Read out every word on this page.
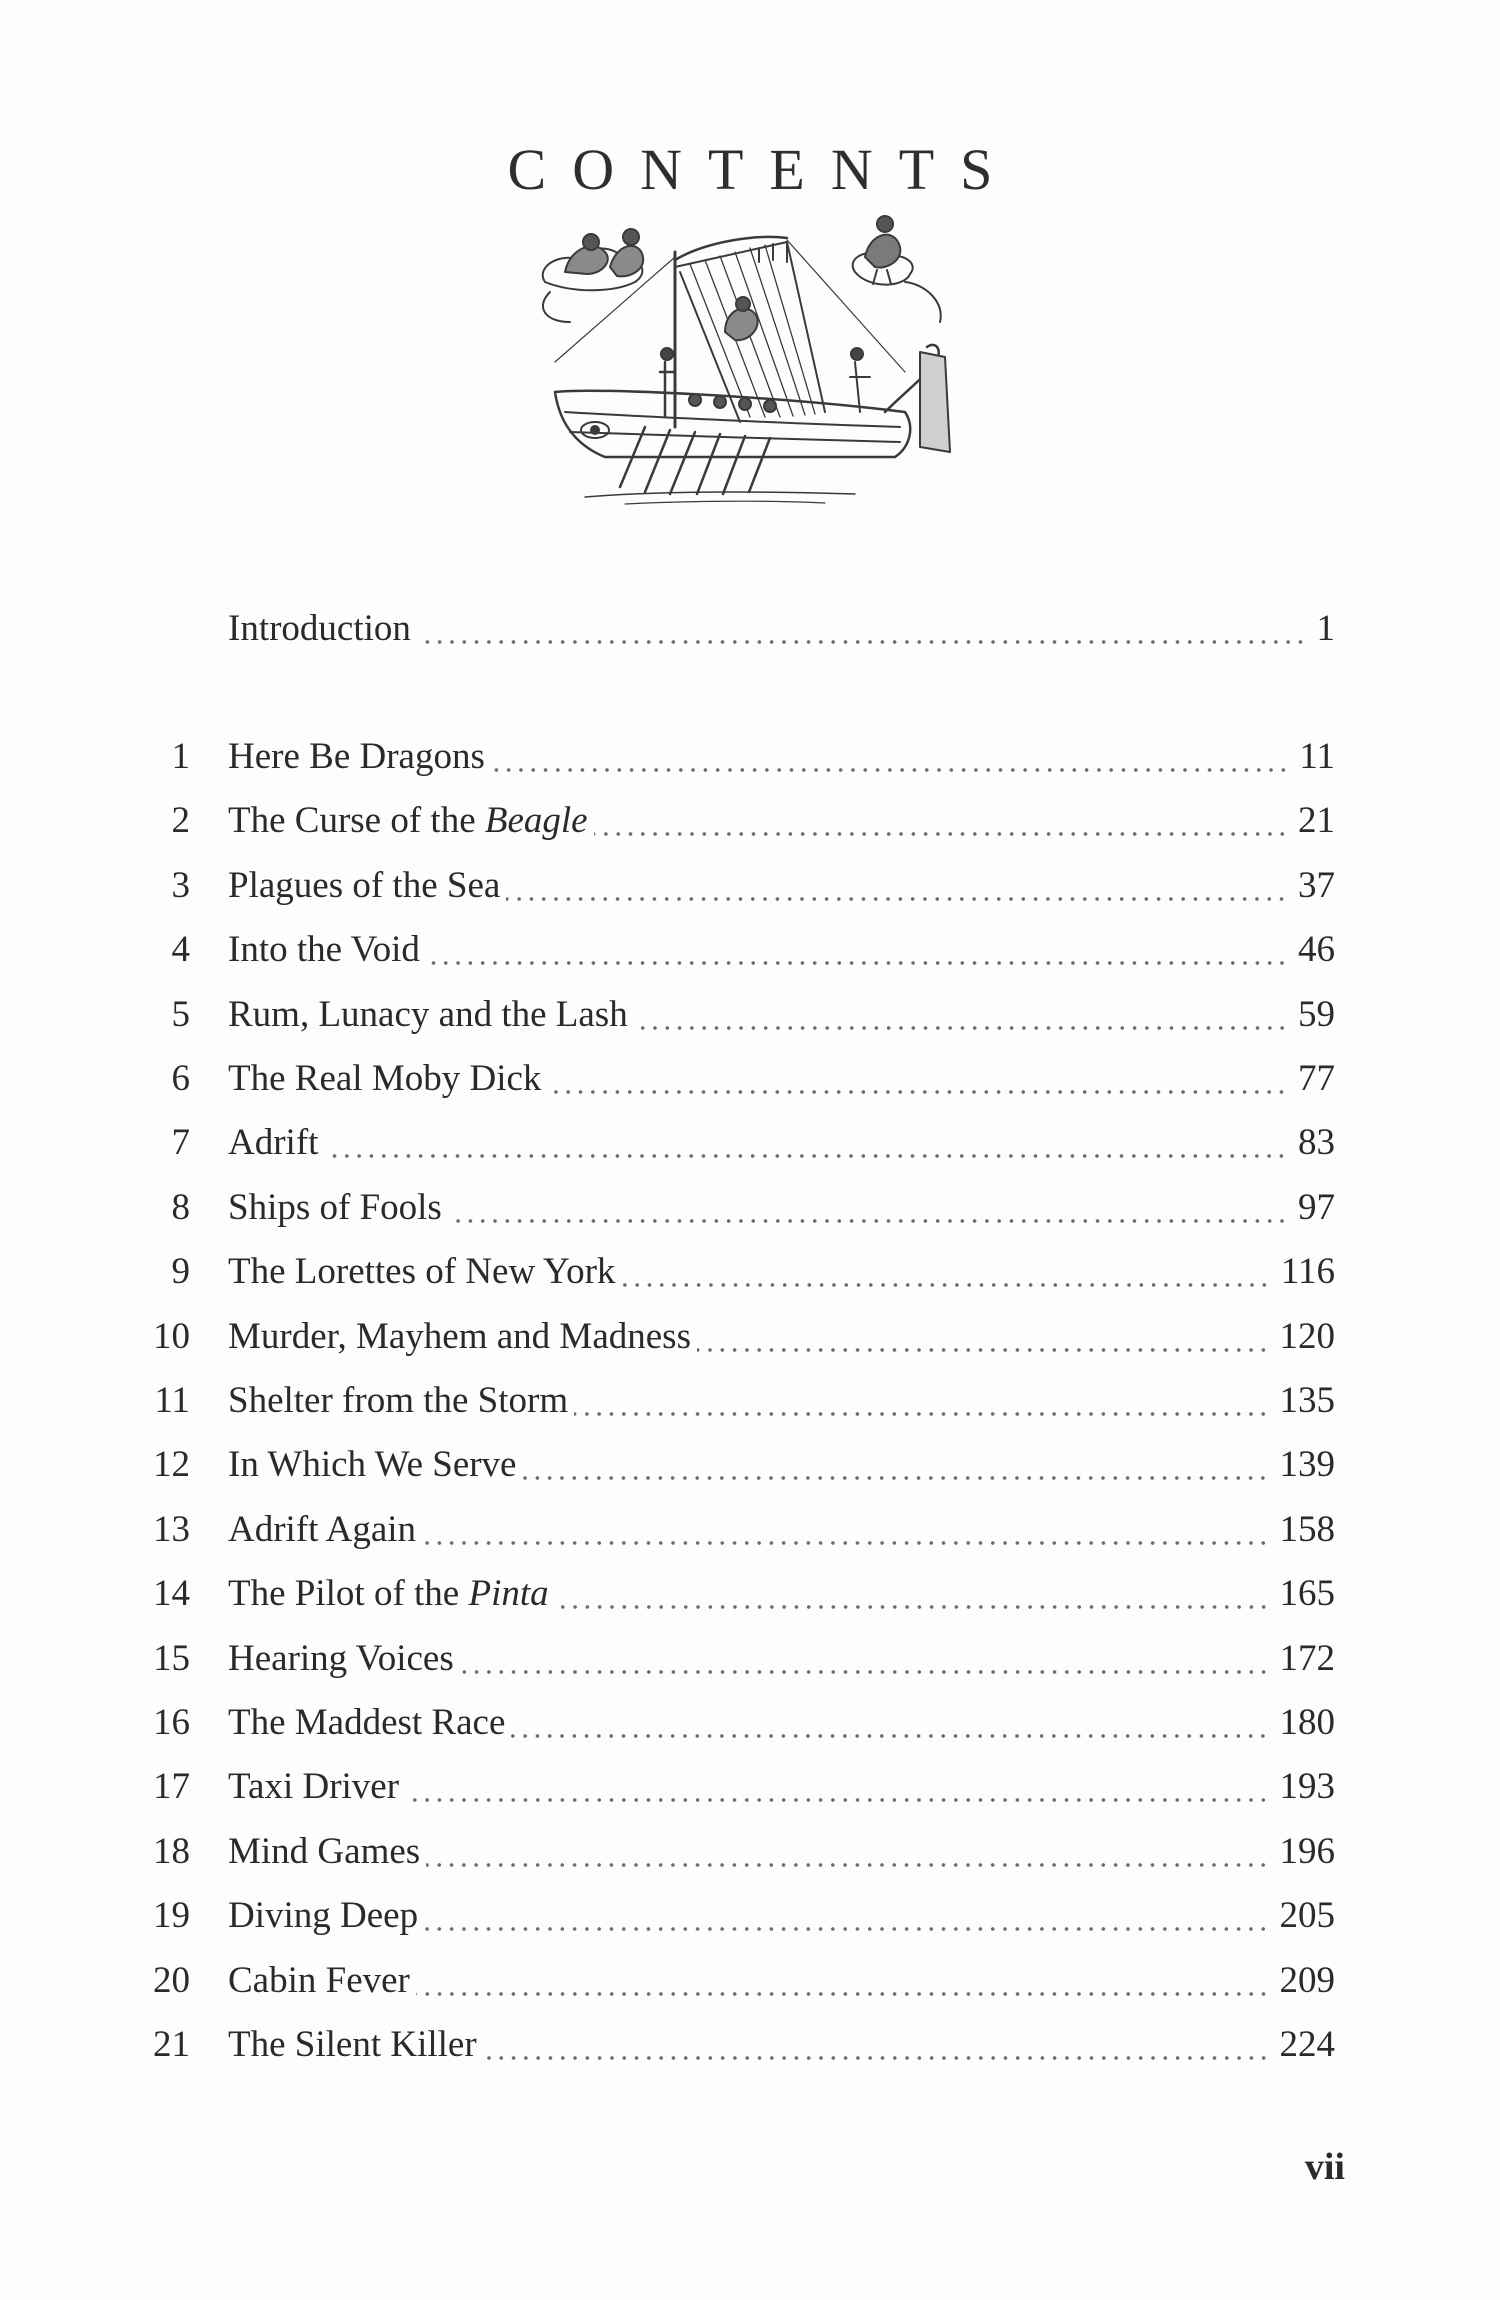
CONTENTS
Introduction	1
1 Here Be Dragons	11
2 The Curse of the Beagle	21
3 Plagues of the Sea	37
4 Into the Void	46
5 Rum, Lunacy and the Lash	59
6 The Real Moby Dick	77
7 Adrift	83
8 Ships of Fools	97
9 The Lorettes of New York	116
10 Murder, Mayhem and Madness	120
11 Shelter from the Storm	135
12 In Which We Serve	139
13 Adrift Again	158
14 The Pilot of the Pinta	165
15 Hearing Voices	172
16 The Maddest Race	180
17 Taxi Driver	193
18 Mind Games	196
19 Diving Deep	205
20 Cabin Fever	209
21 The Silent Killer	224
vii
